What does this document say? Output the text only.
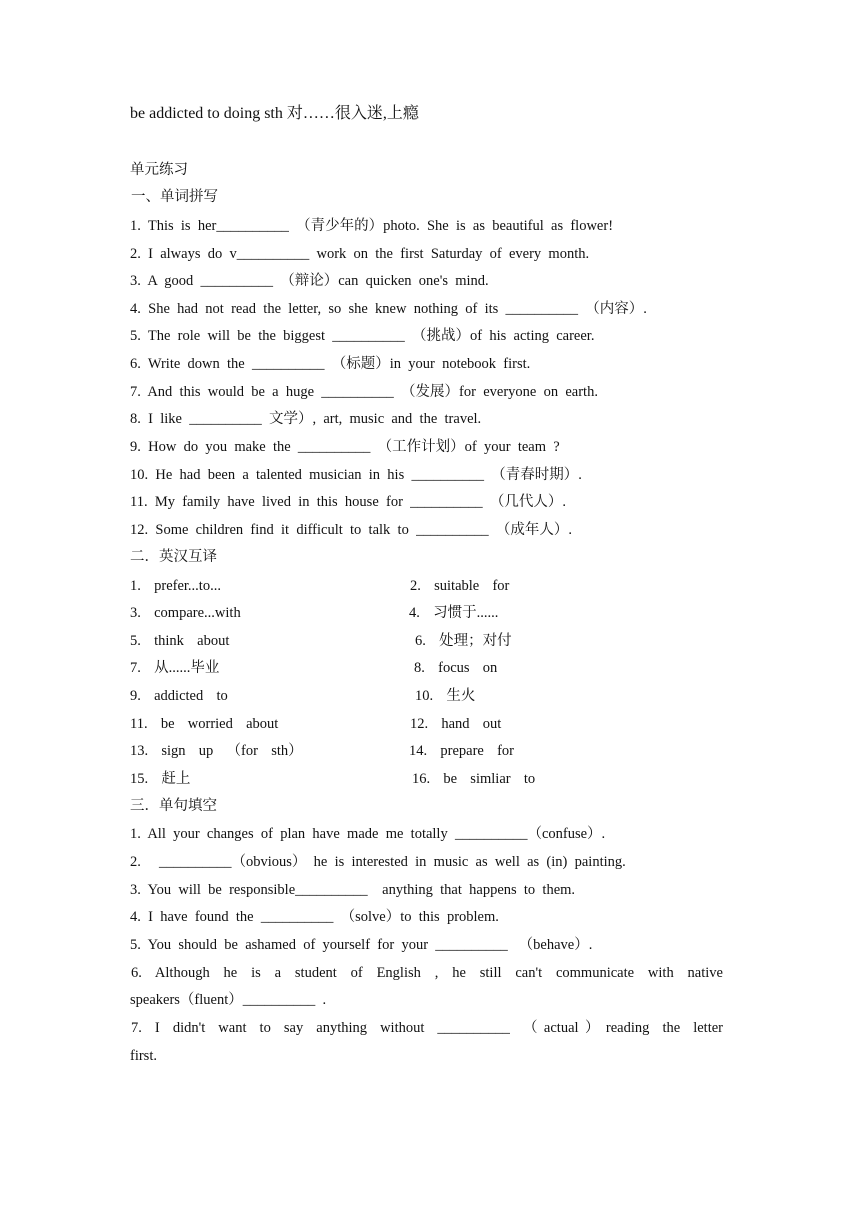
be addicted to doing sth 对……很入迷,上瘾
单元练习
一、单词拼写
1.  This  is  her__________  （青少年的）photo.  She  is  as  beautiful  as  flower!
2.  I  always  do  v__________  work  on  the  first  Saturday  of  every  month.
3.  A  good  __________  （辩论）can  quicken  one's  mind.
4.  She  had  not  read  the  letter,  so  she  knew  nothing  of  its  __________  （内容）.
5.  The  role  will  be  the  biggest  __________  （挑战）of  his  acting  career.
6.  Write  down  the  __________  （标题）in  your  notebook  first.
7.  And  this  would  be  a  huge  __________  （发展）for  everyone  on  earth.
8.  I  like  __________  文学）,  art,  music  and  the  travel.
9.  How  do  you  make  the  __________  （工作计划）of  your  team  ?
10.  He  had  been  a  talented  musician  in  his  __________  （青春时期）.
11.  My  family  have  lived  in  this  house  for  __________  （几代人）.
12.  Some  children  find  it  difficult  to  talk  to  __________  （成年人）.
二．英汉互译
1.  prefer...to...	2.  suitable  for
3.  compare...with	4.  习惯于......
5.  think  about	6.  处理；对付
7.  从......毕业	8.  focus  on
9.  addicted  to	10.  生火
11.  be  worried  about	12.  hand  out
13.  sign  up  （for  sth）	14.  prepare  for
15.  赶上	16.  be  simliar  to
三．单句填空
1.  All  your  changes  of  plan  have  made  me  totally  __________（confuse）.
2.     __________（obvious）  he  is  interested  in  music  as  well  as  (in)  painting.
3.  You  will  be  responsible__________    anything  that  happens  to  them.
4.  I  have  found  the  __________  （solve）to  this  problem.
5.  You  should  be  ashamed  of  yourself  for  your  __________   （behave）.
6. Although he is a student of English , he still can't communicate with native
speakers（fluent）__________  .
7. I didn't want to say anything without __________ （actual）reading the letter
first.
